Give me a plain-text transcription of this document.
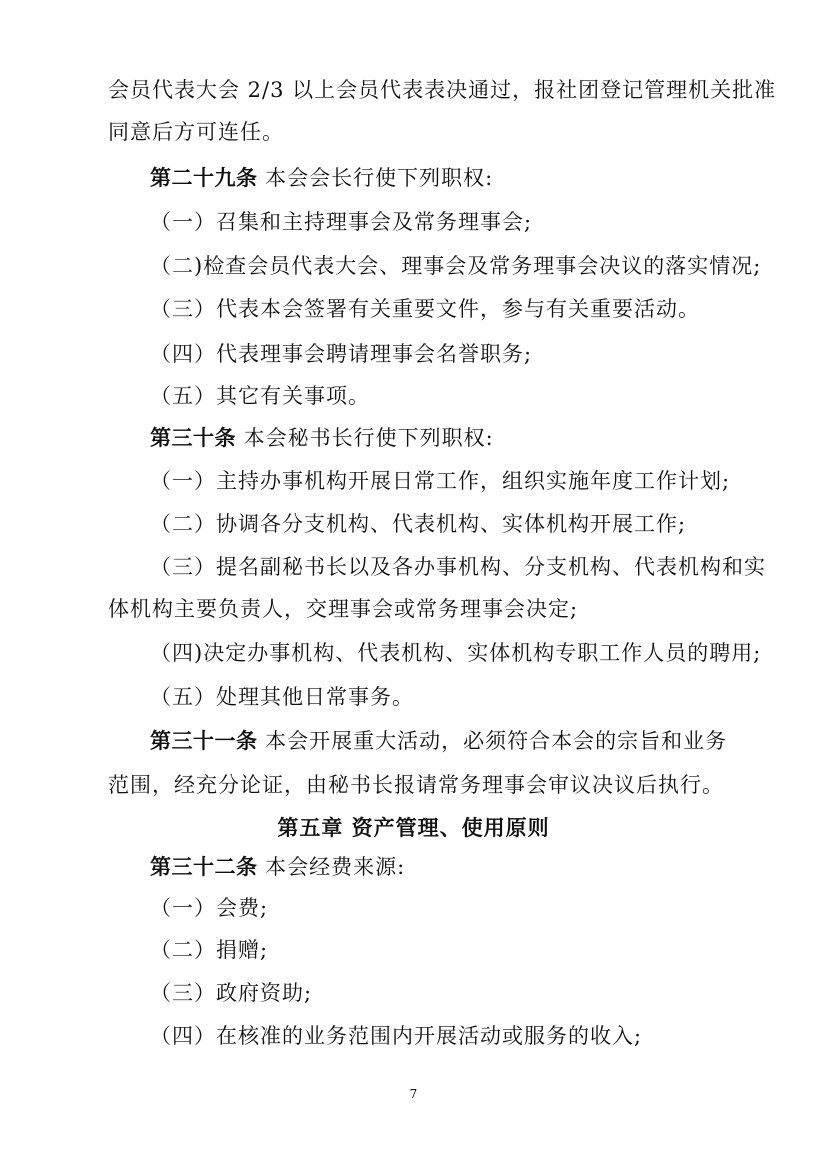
会员代表大会 2/3 以上会员代表表决通过，报社团登记管理机关批准
同意后方可连任。
第二十九条 本会会长行使下列职权:
（一）召集和主持理事会及常务理事会;
（二)检查会员代表大会、理事会及常务理事会决议的落实情况;
（三）代表本会签署有关重要文件，参与有关重要活动。
（四）代表理事会聘请理事会名誉职务;
（五）其它有关事项。
第三十条 本会秘书长行使下列职权:
（一）主持办事机构开展日常工作，组织实施年度工作计划;
（二）协调各分支机构、代表机构、实体机构开展工作;
（三）提名副秘书长以及各办事机构、分支机构、代表机构和实
体机构主要负责人，交理事会或常务理事会决定;
（四)决定办事机构、代表机构、实体机构专职工作人员的聘用;
（五）处理其他日常事务。
第三十一条 本会开展重大活动，必须符合本会的宗旨和业务
范围，经充分论证，由秘书长报请常务理事会审议决议后执行。
第五章 资产管理、使用原则
第三十二条 本会经费来源:
（一）会费;
（二）捐赠;
（三）政府资助;
（四）在核准的业务范围内开展活动或服务的收入;
7
